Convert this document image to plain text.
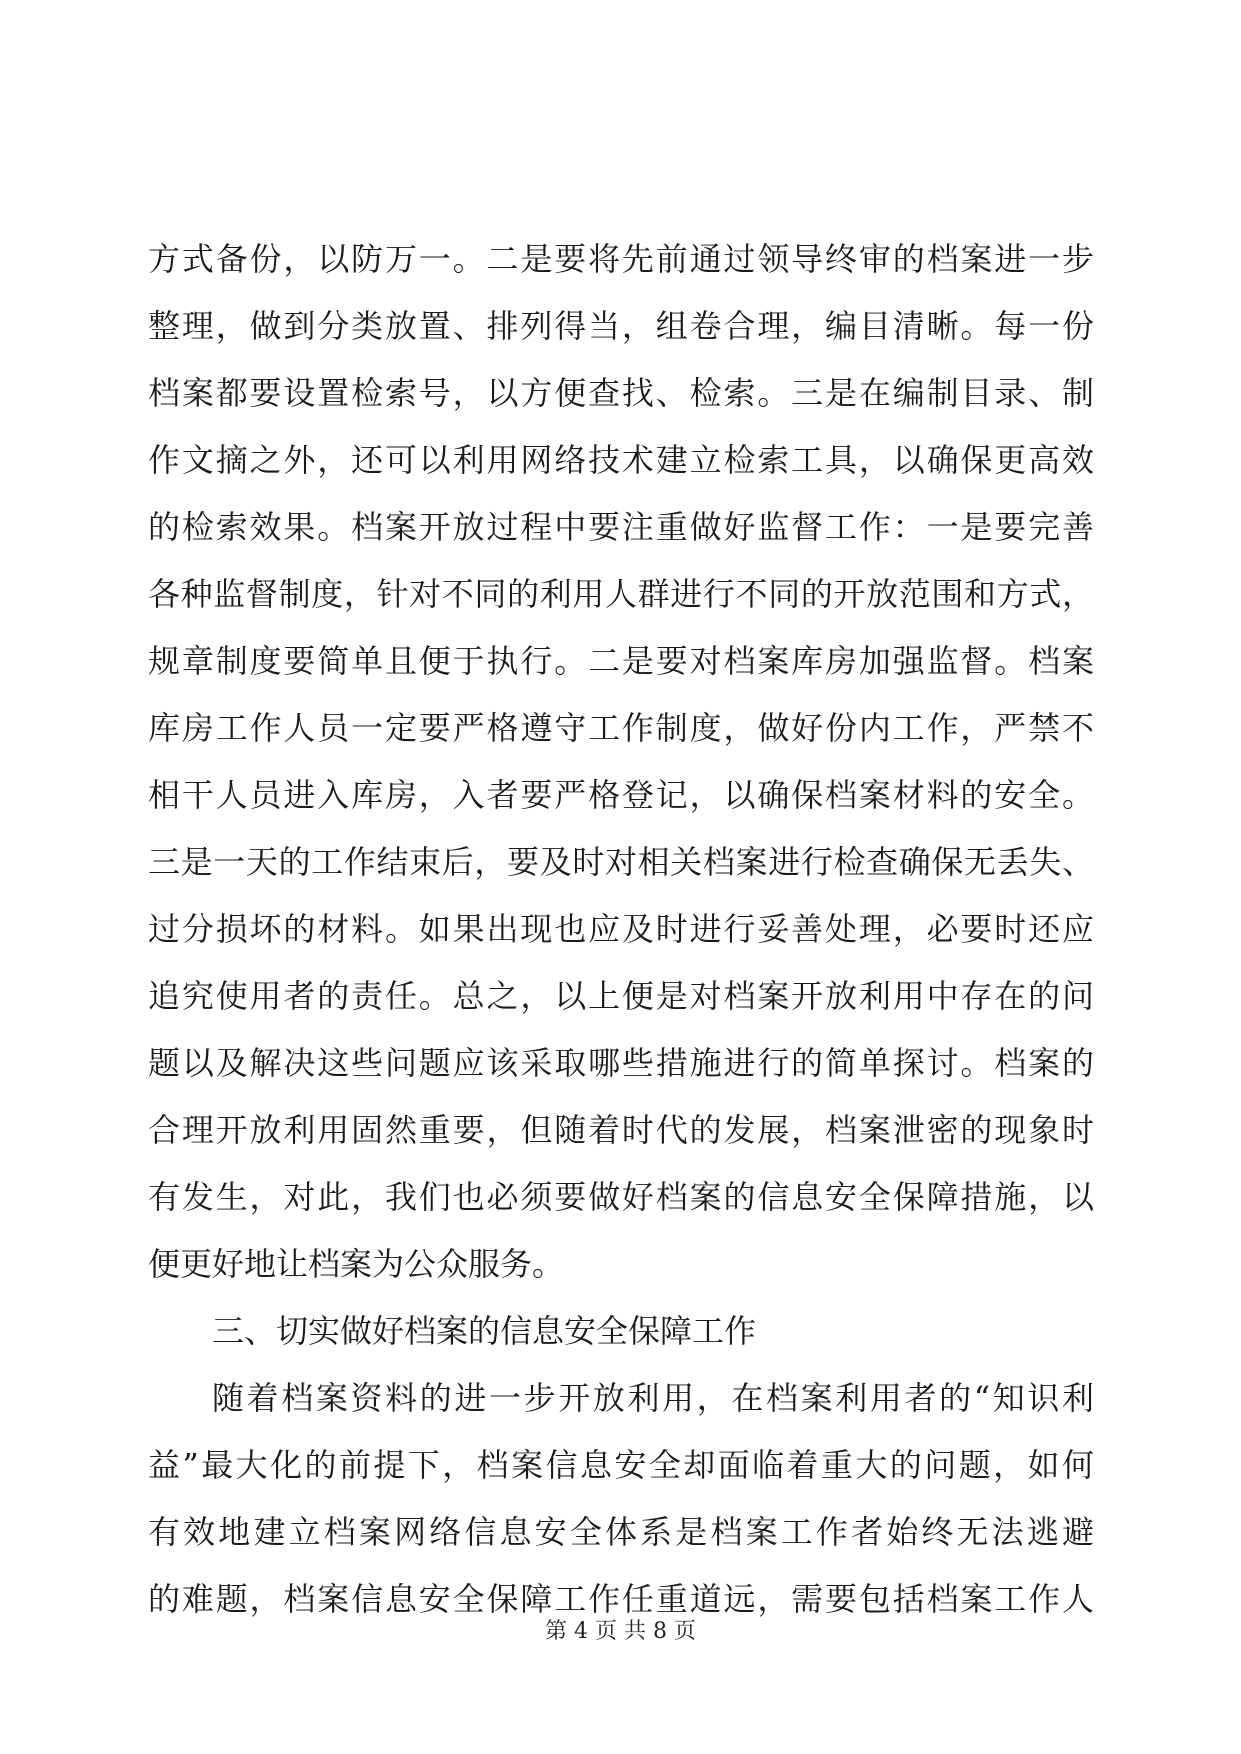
方式备份，以防万一。二是要将先前通过领导终审的档案进一步
整理，做到分类放置、排列得当，组卷合理，编目清晰。每一份
档案都要设置检索号，以方便查找、检索。三是在编制目录、制
作文摘之外，还可以利用网络技术建立检索工具，以确保更高效
的检索效果。档案开放过程中要注重做好监督工作：一是要完善
各种监督制度，针对不同的利用人群进行不同的开放范围和方式，
规章制度要简单且便于执行。二是要对档案库房加强监督。档案
库房工作人员一定要严格遵守工作制度，做好份内工作，严禁不
相干人员进入库房，入者要严格登记，以确保档案材料的安全。
三是一天的工作结束后，要及时对相关档案进行检查确保无丢失、
过分损坏的材料。如果出现也应及时进行妥善处理，必要时还应
追究使用者的责任。总之，以上便是对档案开放利用中存在的问
题以及解决这些问题应该采取哪些措施进行的简单探讨。档案的
合理开放利用固然重要，但随着时代的发展，档案泄密的现象时
有发生，对此，我们也必须要做好档案的信息安全保障措施，以
便更好地让档案为公众服务。
三、切实做好档案的信息安全保障工作
随着档案资料的进一步开放利用，在档案利用者的“知识利
益”最大化的前提下，档案信息安全却面临着重大的问题，如何
有效地建立档案网络信息安全体系是档案工作者始终无法逃避
的难题，档案信息安全保障工作任重道远，需要包括档案工作人
第 4 页 共 8 页
